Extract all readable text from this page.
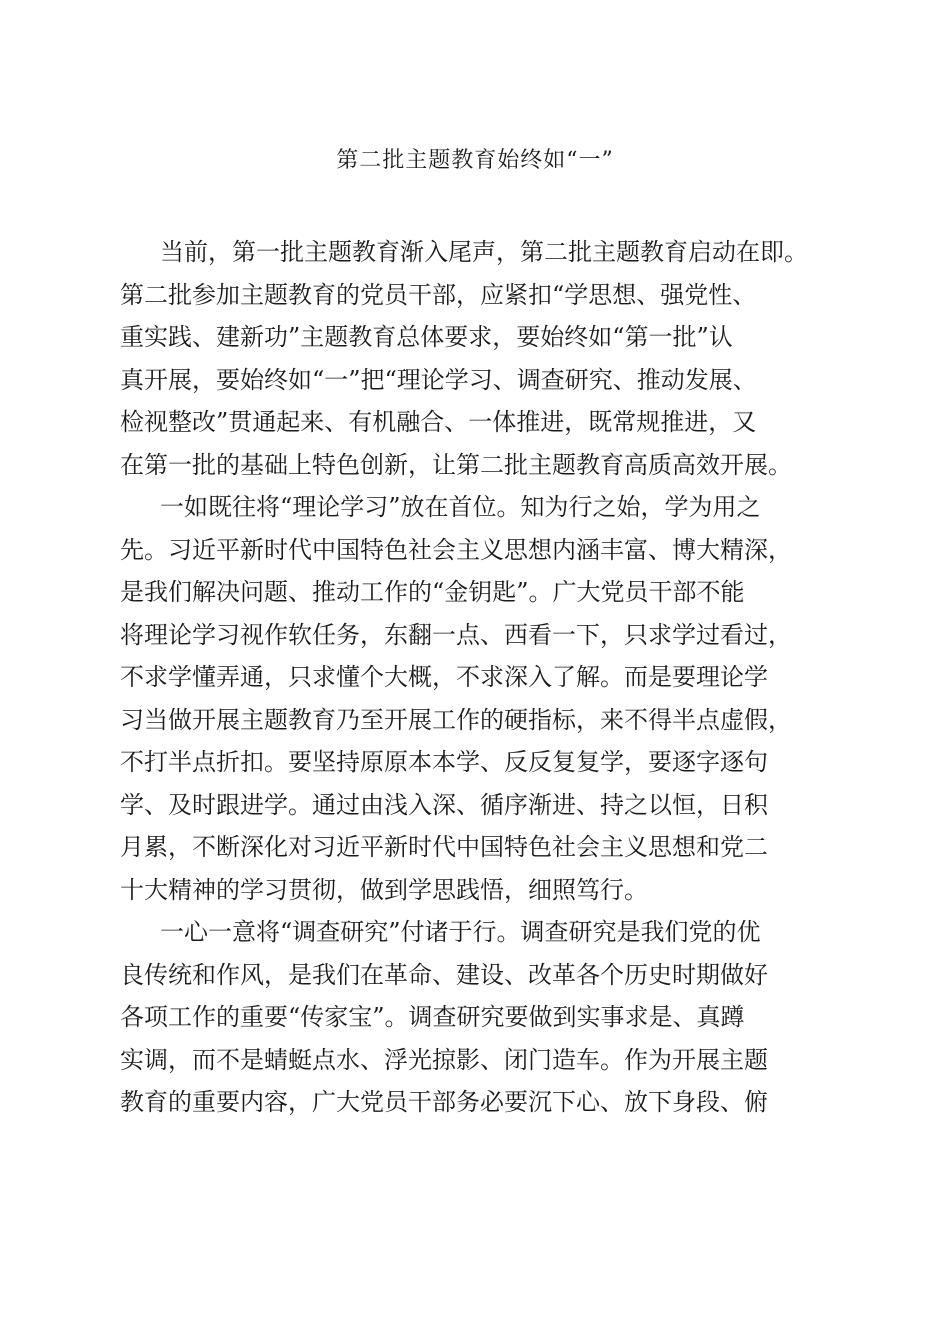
第二批主题教育始终如“一”
当前，第一批主题教育渐入尾声，第二批主题教育启动在即。
第二批参加主题教育的党员干部，应紧扣“学思想、强党性、
重实践、建新功”主题教育总体要求，要始终如“第一批”认
真开展，要始终如“一”把“理论学习、调查研究、推动发展、
检视整改”贯通起来、有机融合、一体推进，既常规推进，又
在第一批的基础上特色创新，让第二批主题教育高质高效开展。
一如既往将“理论学习”放在首位。知为行之始，学为用之
先。习近平新时代中国特色社会主义思想内涵丰富、博大精深，
是我们解决问题、推动工作的“金钥匙”。广大党员干部不能
将理论学习视作软任务，东翻一点、西看一下，只求学过看过，
不求学懂弄通，只求懂个大概，不求深入了解。而是要理论学
习当做开展主题教育乃至开展工作的硬指标，来不得半点虚假，
不打半点折扣。要坚持原原本本学、反反复复学，要逐字逐句
学、及时跟进学。通过由浅入深、循序渐进、持之以恒，日积
月累，不断深化对习近平新时代中国特色社会主义思想和党二
十大精神的学习贯彻，做到学思践悟，细照笃行。
一心一意将“调查研究”付诸于行。调查研究是我们党的优
良传统和作风，是我们在革命、建设、改革各个历史时期做好
各项工作的重要“传家宝”。调查研究要做到实事求是、真蹲
实调，而不是蜻蜓点水、浮光掠影、闭门造车。作为开展主题
教育的重要内容，广大党员干部务必要沉下心、放下身段、俯
